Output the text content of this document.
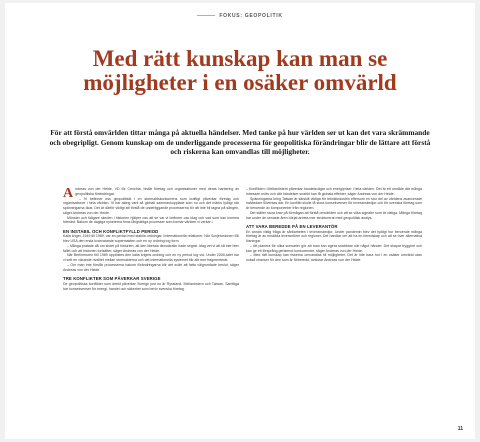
FOKUS: GEOPOLITIK
Med rätt kunskap kan man se möjligheter i en osäker omvärld

För att förstå omvärlden tittar många på aktuella händelser. Med tanke på hur världen ser ut kan det vara skrämmande och obegripligt. Genom kunskap om de underliggande processerna för geopolitiska förändringar blir de lättare att förstå och riskerna kan omvandlas till möjligheter.

Andreas von der Heide, VD för Cenchia, bistår företag och organisationer med deras hantering av geopolitiska förändringar.

– Vi befinner oss geopolitiskt i en stormaktskonkurrens som kraftigt påverkar företag och organisationer i hela världen. Vi har aldrig varit så globalt sammankopplade som nu och det märks tydligt när spänningarna ökar. Det är därför viktigt att förstå de underliggande processerna för att inte bli tagna på sängen, säger Andreas von der Heide.

Mönster och tidigare skeden i historien hjälper oss att se var vi befinner oss idag och vad som kan komma härnäst. Bakom de dagliga nyheterna finns långsiktiga processer som formar världen vi verkar i.

EN INSTABIL OCH KONFLIKTFYLLD PERIOD

Kalla kriget, 1949 till 1989, var en period med stabila ordningar i internationella relationer. När Sovjetunionen föll blev USA den enda kvarvarande supermakten och en ny ordning tog form.

– Många pratade då om slutet på historien, att den liberala demokratin hade segrat. Idag vet vi att så inte blev fallet och att historien fortsätter, säger Andreas von der Heide.

När Berlinmuren föll 1989 upplöstes den kalla krigets ordning och en ny period tog vid. Under 2000-talet har vi sett en växande rivalitet mellan stormakterna och det internationella systemet blir allt mer fragmenterat.

– Om man inte förstår processerna bakom förändringarna blir det svårt att fatta välgrundade beslut, säger Andreas von der Heide.

TRE KONFLIKTER SOM PÅVERKAR SVERIGE

De geopolitiska konflikter som direkt påverkar Sverige just nu är Ryssland, Mellanöstern och Taiwan. Samtliga har konsekvenser för energi, handel och säkerhet som berör svenska företag.

– Konflikten i Mellanöstern påverkar handelsvägar och energipriser i hela världen. Det är ett område där många intressen möts och där händelser snabbt kan få globala effekter, säger Andreas von der Heide.

Spänningarna kring Taiwan är särskilt viktiga för teknikindustrin eftersom en stor del av världens avancerade halvledare tillverkas där. En konflikt skulle få stora konsekvenser för leveranskedjor och för svenska företag som är beroende av komponenter från regionen.

Det ställer stora krav på förmågan att förstå omvärlden och att se vilka signaler som är viktiga. Många företag har under de senaste åren börjat arbeta mer strukturerat med geopolitisk analys.

ATT VARA BEREDDE PÅ EN LEVERANTÖR

En annan viktig fråga är sårbarheten i leveranskedjor. Under pandemin blev det tydligt hur beroende många företag är av enskilda leverantörer och regioner. Det handlar om att ha en beredskap och att se över alternativa lösningar.

– Att planera för olika scenarier gör att man kan agera snabbare när något händer. Det skapar trygghet och kan ge ett försprång gentemot konkurrenter, säger Andreas von der Heide.

– Med rätt kunskap kan riskerna omvandlas till möjligheter. Det är inte bara hot i en osäker omvärld utan också chanser för den som är förberedd, avslutar Andreas von der Heide.

11
